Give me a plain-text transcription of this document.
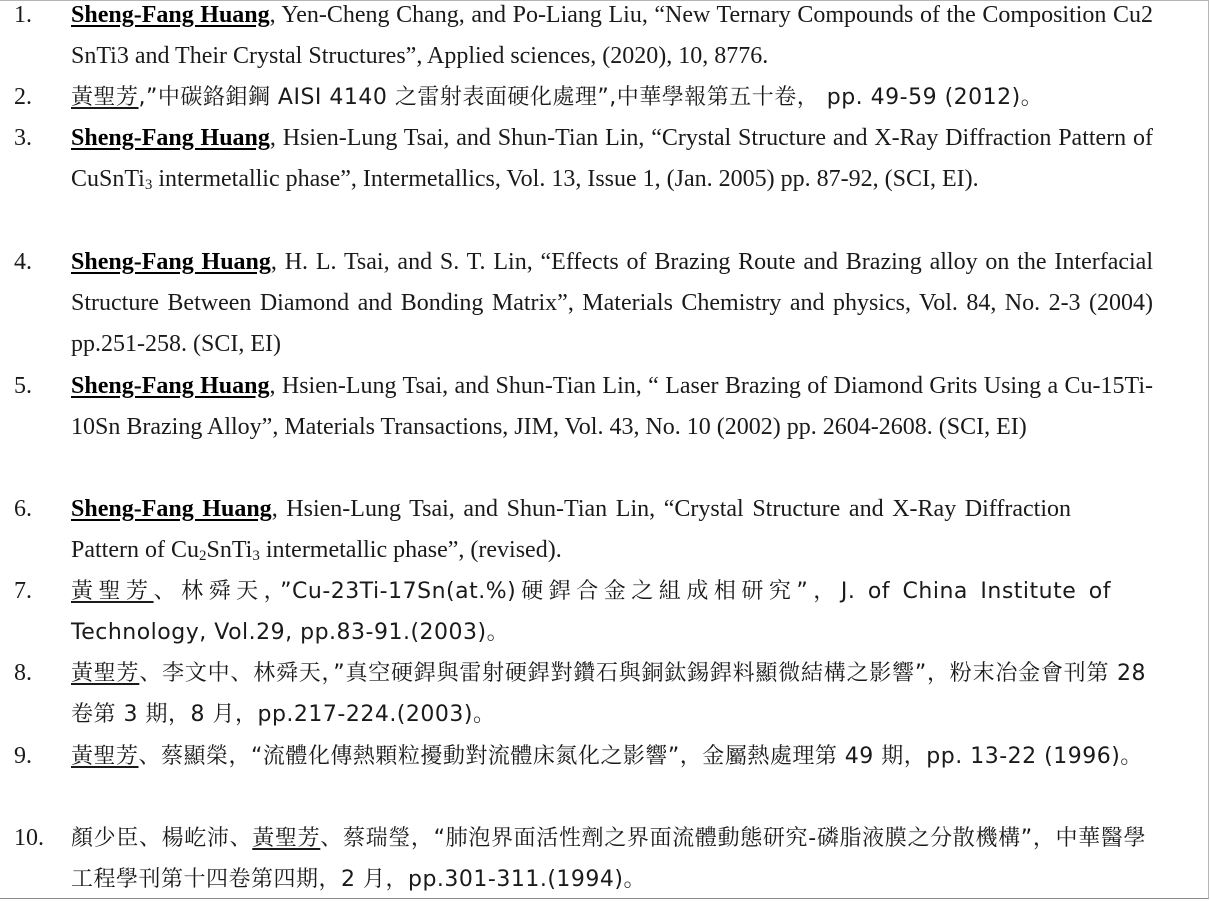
1.	Sheng-Fang Huang, Yen-Cheng Chang, and Po-Liang Liu, “New Ternary Compounds of the Composition Cu2 SnTi3 and Their Crystal Structures”, Applied sciences, (2020), 10, 8776.
2.	黃聖芳,”中碳鉻鉬鋼 AISI 4140 之雷射表面硬化處理”,中華學報第五十卷， pp. 49-59 (2012)。
3.	Sheng-Fang Huang, Hsien-Lung Tsai, and Shun-Tian Lin, “Crystal Structure and X-Ray Diffraction Pattern of CuSnTi$_3$ intermetallic phase”, Intermetallics, Vol. 13, Issue 1, (Jan. 2005) pp. 87-92, (SCI, EI).
4.	Sheng-Fang Huang, H. L. Tsai, and S. T. Lin, “Effects of Brazing Route and Brazing alloy on the Interfacial Structure Between Diamond and Bonding Matrix”, Materials Chemistry and physics, Vol. 84, No. 2-3 (2004) pp.251-258. (SCI, EI)
5.	Sheng-Fang Huang, Hsien-Lung Tsai, and Shun-Tian Lin, “ Laser Brazing of Diamond Grits Using a Cu-15Ti-10Sn Brazing Alloy”, Materials Transactions, JIM, Vol. 43, No. 10 (2002) pp. 2604-2608. (SCI, EI)
6.	Sheng-Fang Huang, Hsien-Lung Tsai, and Shun-Tian Lin, “Crystal Structure and X-Ray Diffraction Pattern of $Cu_2SnTi_3$ intermetallic phase”, (revised).
7.	黃聖芳、林舜天，”Cu-23Ti-17Sn(at.%)硬銲合金之組成相研究”，J. of China Institute of Technology, Vol.29, pp.83-91.(2003)。
8.	黃聖芳、李文中、林舜天，”真空硬銲與雷射硬銲對鑽石與銅鈦錫銲料顯微結構之影響”，粉末冶金會刊第 28 卷第 3 期，8 月，pp.217-224.(2003)。
9.	黃聖芳、蔡顯榮，“流體化傳熱顆粒擾動對流體床氮化之影響”，金屬熱處理第 49 期，pp. 13-22 (1996)。
10.	顏少臣、楊屹沛、黃聖芳、蔡瑞瑩，“肺泡界面活性劑之界面流體動態研究-磷脂液膜之分散機構”，中華醫學工程學刊第十四卷第四期，2 月，pp.301-311.(1994)。
